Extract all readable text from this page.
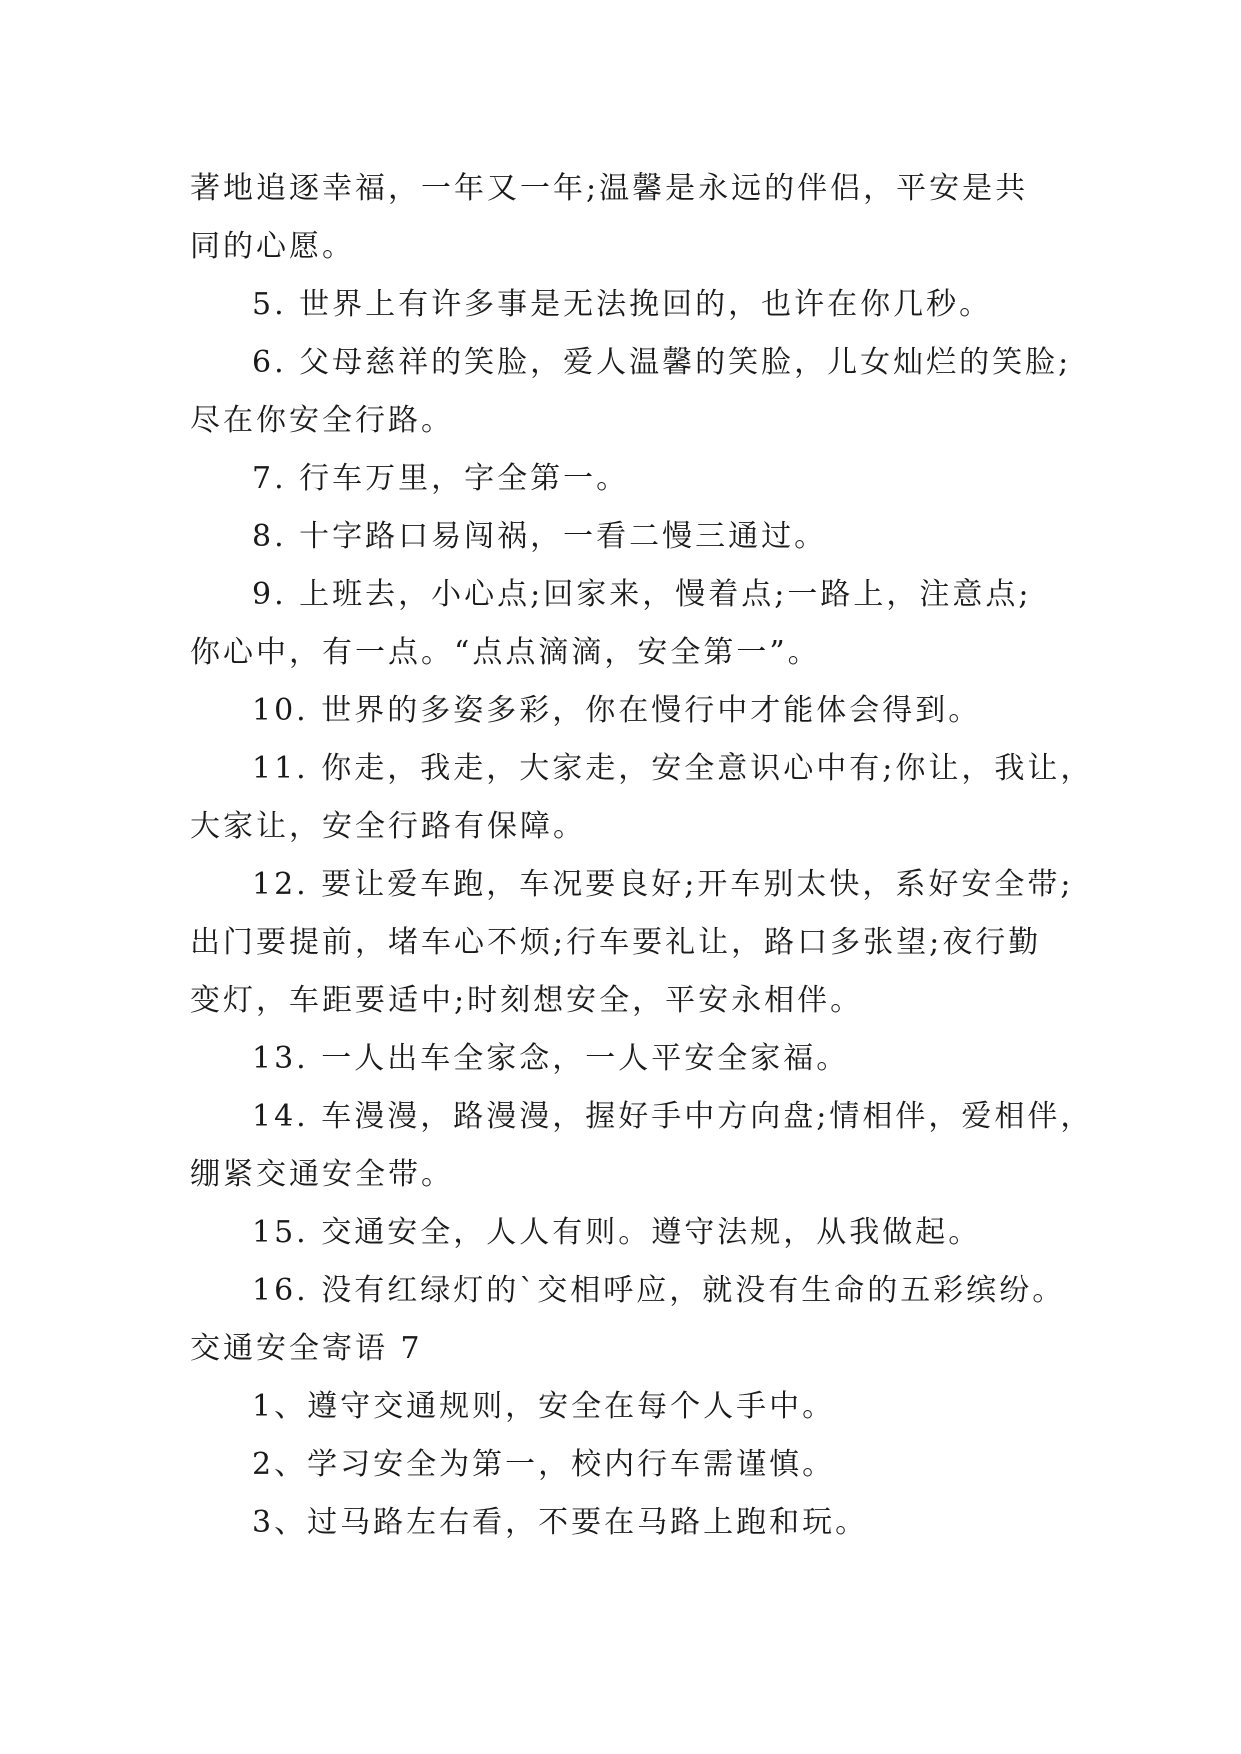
著地追逐幸福，一年又一年;温馨是永远的伴侣，平安是共
同的心愿。
5. 世界上有许多事是无法挽回的，也许在你几秒。
6. 父母慈祥的笑脸，爱人温馨的笑脸，儿女灿烂的笑脸;
尽在你安全行路。
7. 行车万里，字全第一。
8. 十字路口易闯祸，一看二慢三通过。
9. 上班去，小心点;回家来，慢着点;一路上，注意点;
你心中，有一点。“点点滴滴，安全第一”。
10. 世界的多姿多彩，你在慢行中才能体会得到。
11. 你走，我走，大家走，安全意识心中有;你让，我让，
大家让，安全行路有保障。
12. 要让爱车跑，车况要良好;开车别太快，系好安全带;
出门要提前，堵车心不烦;行车要礼让，路口多张望;夜行勤
变灯，车距要适中;时刻想安全，平安永相伴。
13. 一人出车全家念，一人平安全家福。
14. 车漫漫，路漫漫，握好手中方向盘;情相伴，爱相伴，
绷紧交通安全带。
15. 交通安全，人人有则。遵守法规，从我做起。
16. 没有红绿灯的`交相呼应，就没有生命的五彩缤纷。
交通安全寄语 7
1、遵守交通规则，安全在每个人手中。
2、学习安全为第一，校内行车需谨慎。
3、过马路左右看，不要在马路上跑和玩。
